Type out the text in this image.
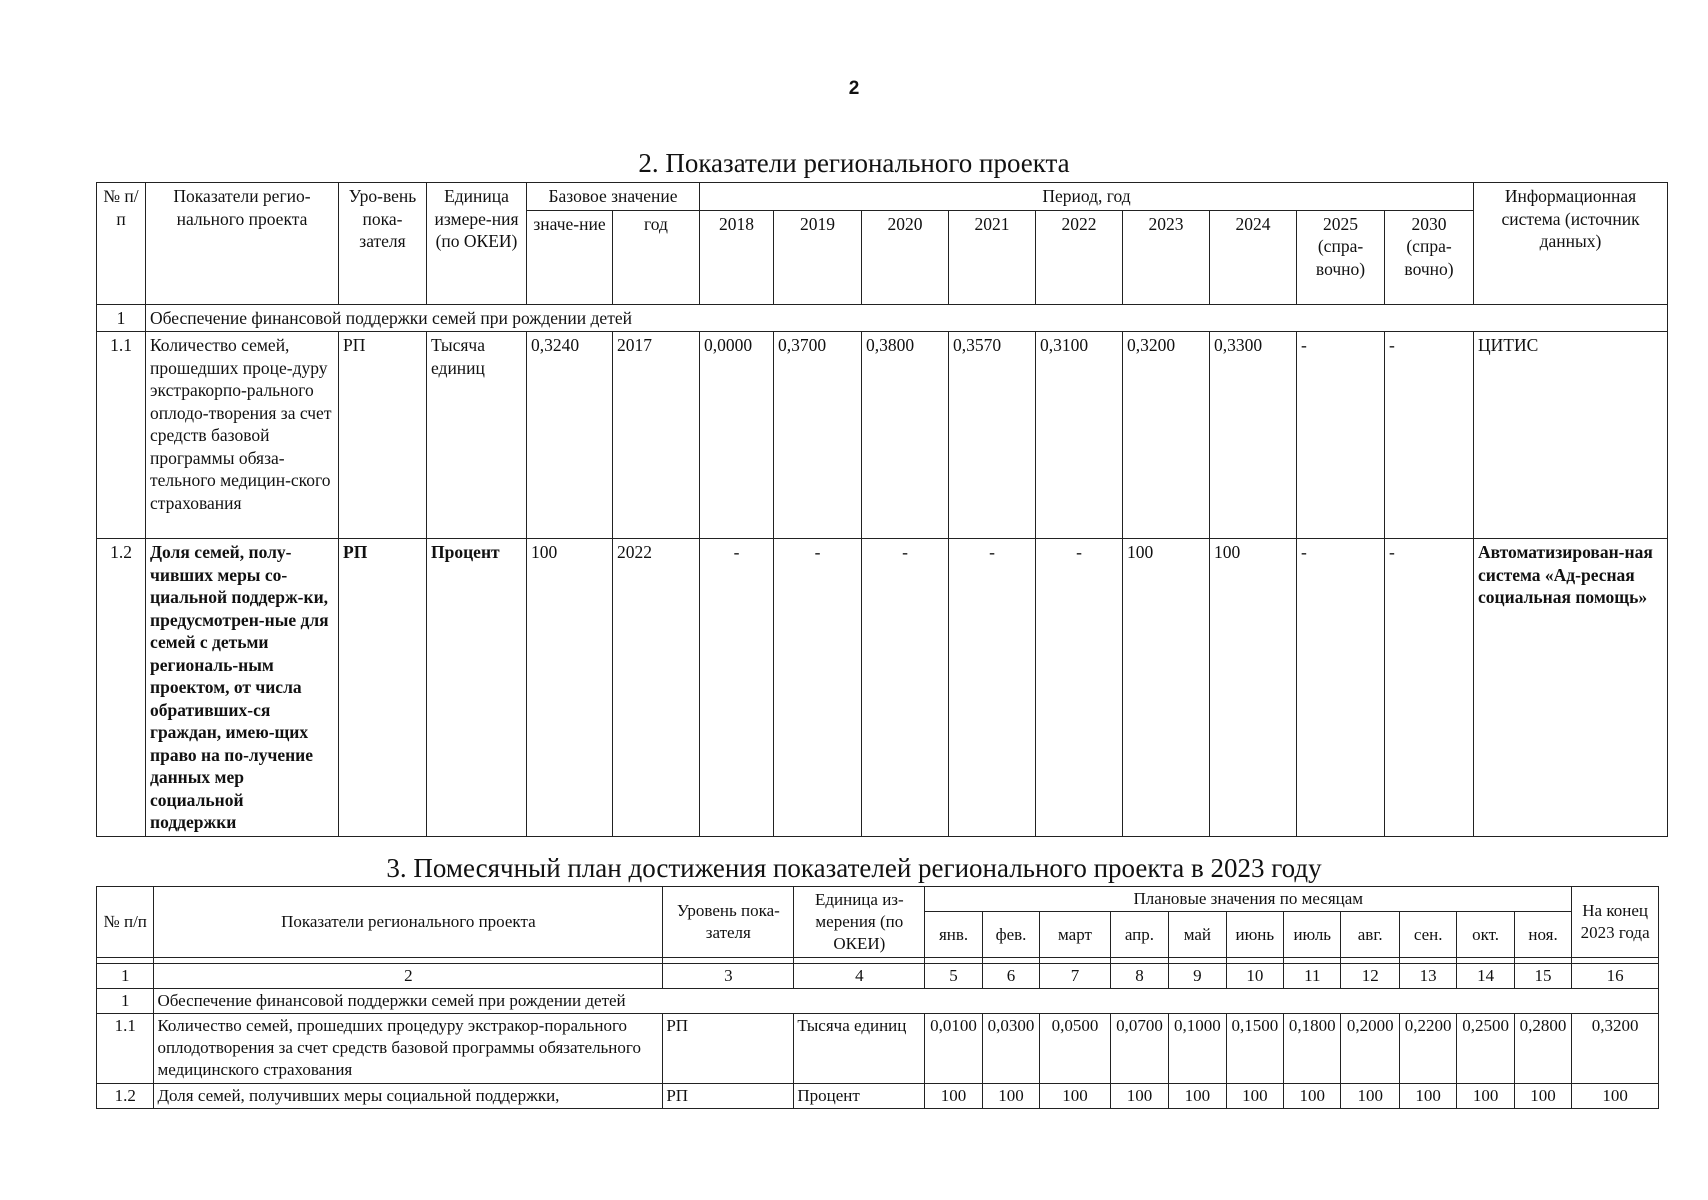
2
2. Показатели регионального проекта
№ п/п	Показатели регио-нального проекта	Уро-вень пока-зателя	Единица измере-ния (по ОКЕИ)	Базовое значение		Период, год									Информационная система (источник данных)
				значе-ние	год	2018	2019	2020	2021	2022	2023	2024	2025 (спра-вочно)	2030 (спра-вочно)	
1	Обеспечение финансовой поддержки семей при рождении детей														
1.1	Количество семей, прошедших проце-дуру экстракорпо-рального оплодо-творения за счет средств базовой программы обяза-тельного медицин-ского страхования	РП	Тысяча единиц	0,3240	2017	0,0000	0,3700	0,3800	0,3570	0,3100	0,3200	0,3300	-	-	ЦИТИС
1.2	Доля семей, полу-чивших меры со-циальной поддерж-ки, предусмотрен-ные для семей с детьми региональ-ным проектом, от числа обративших-ся граждан, имею-щих право на по-лучение данных мер социальной поддержки	РП	Процент	100	2022	-	-	-	-	-	100	100	-	-	Автоматизирован-ная система «Ад-ресная социальная помощь»
3. Помесячный план достижения показателей регионального проекта в 2023 году
№ п/п	Показатели регионального проекта	Уровень пока-зателя	Единица из-мерения (по ОКЕИ)	Плановые значения по месяцам											На конец 2023 года
				янв.	фев.	март	апр.	май	июнь	июль	авг.	сен.	окт.	ноя.	

1	2	3	4	5	6	7	8	9	10	11	12	13	14	15	16
1	Обеспечение финансовой поддержки семей при рождении детей														
1.1	Количество семей, прошедших процедуру экстракор-порального оплодотворения за счет средств базовой программы обязательного медицинского страхования	РП	Тысяча единиц	0,0100	0,0300	0,0500	0,0700	0,1000	0,1500	0,1800	0,2000	0,2200	0,2500	0,2800	0,3200
1.2	Доля семей, получивших меры социальной поддержки,	РП	Процент	100	100	100	100	100	100	100	100	100	100	100	100
